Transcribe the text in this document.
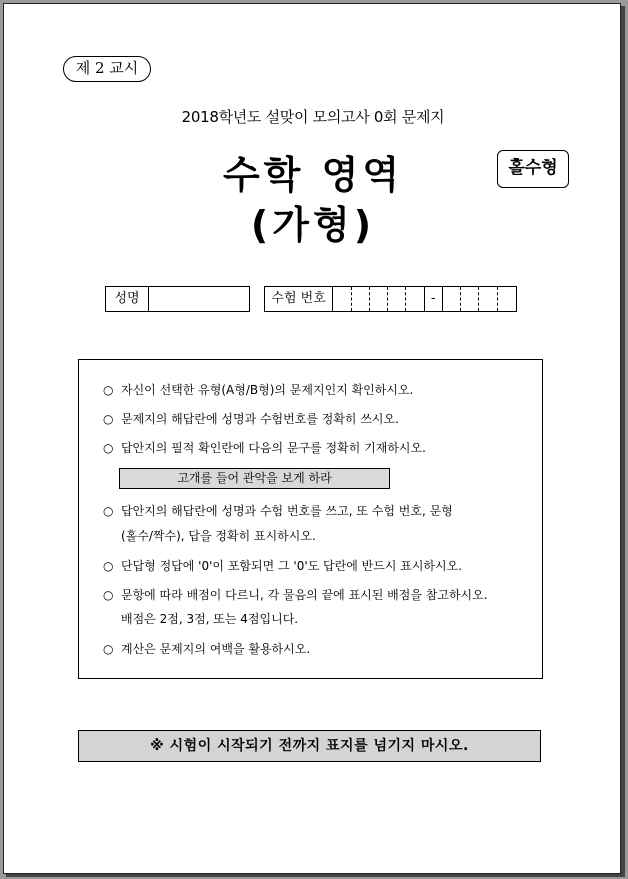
제 2 교시
2018학년도 설맞이 모의고사 0회 문제지
수학 영역
(가형)
홀수형
성명	수험 번호	-
○ 자신이 선택한 유형(A형/B형)의 문제지인지 확인하시오.
○ 문제지의 해답란에 성명과 수험번호를 정확히 쓰시오.
○ 답안지의 필적 확인란에 다음의 문구를 정확히 기재하시오.
고개를 들어 관악을 보게 하라
○ 답안지의 해답란에 성명과 수험 번호를 쓰고, 또 수험 번호, 문형
(홀수/짝수), 답을 정확히 표시하시오.
○ 단답형 정답에 '0'이 포함되면 그 '0'도 답란에 반드시 표시하시오.
○ 문항에 따라 배점이 다르니, 각 물음의 끝에 표시된 배점을 참고하시오.
배점은 2점, 3점, 또는 4점입니다.
○ 계산은 문제지의 여백을 활용하시오.
※ 시험이 시작되기 전까지 표지를 넘기지 마시오.
